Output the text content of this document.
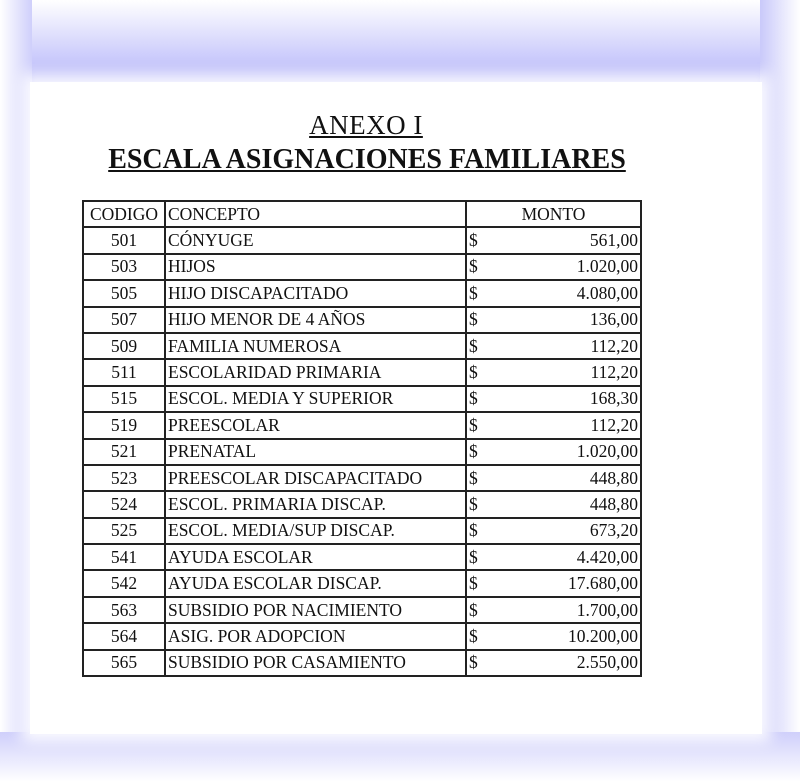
ANEXO I
ESCALA ASIGNACIONES FAMILIARES
CODIGO	CONCEPTO	MONTO	
501	CÓNYUGE	$	561,00
503	HIJOS	$	1.020,00
505	HIJO DISCAPACITADO	$	4.080,00
507	HIJO MENOR DE 4 AÑOS	$	136,00
509	FAMILIA NUMEROSA	$	112,20
511	ESCOLARIDAD PRIMARIA	$	112,20
515	ESCOL. MEDIA Y SUPERIOR	$	168,30
519	PREESCOLAR	$	112,20
521	PRENATAL	$	1.020,00
523	PREESCOLAR DISCAPACITADO	$	448,80
524	ESCOL. PRIMARIA DISCAP.	$	448,80
525	ESCOL. MEDIA/SUP DISCAP.	$	673,20
541	AYUDA ESCOLAR	$	4.420,00
542	AYUDA ESCOLAR DISCAP.	$	17.680,00
563	SUBSIDIO POR NACIMIENTO	$	1.700,00
564	ASIG. POR ADOPCION	$	10.200,00
565	SUBSIDIO POR CASAMIENTO	$	2.550,00
